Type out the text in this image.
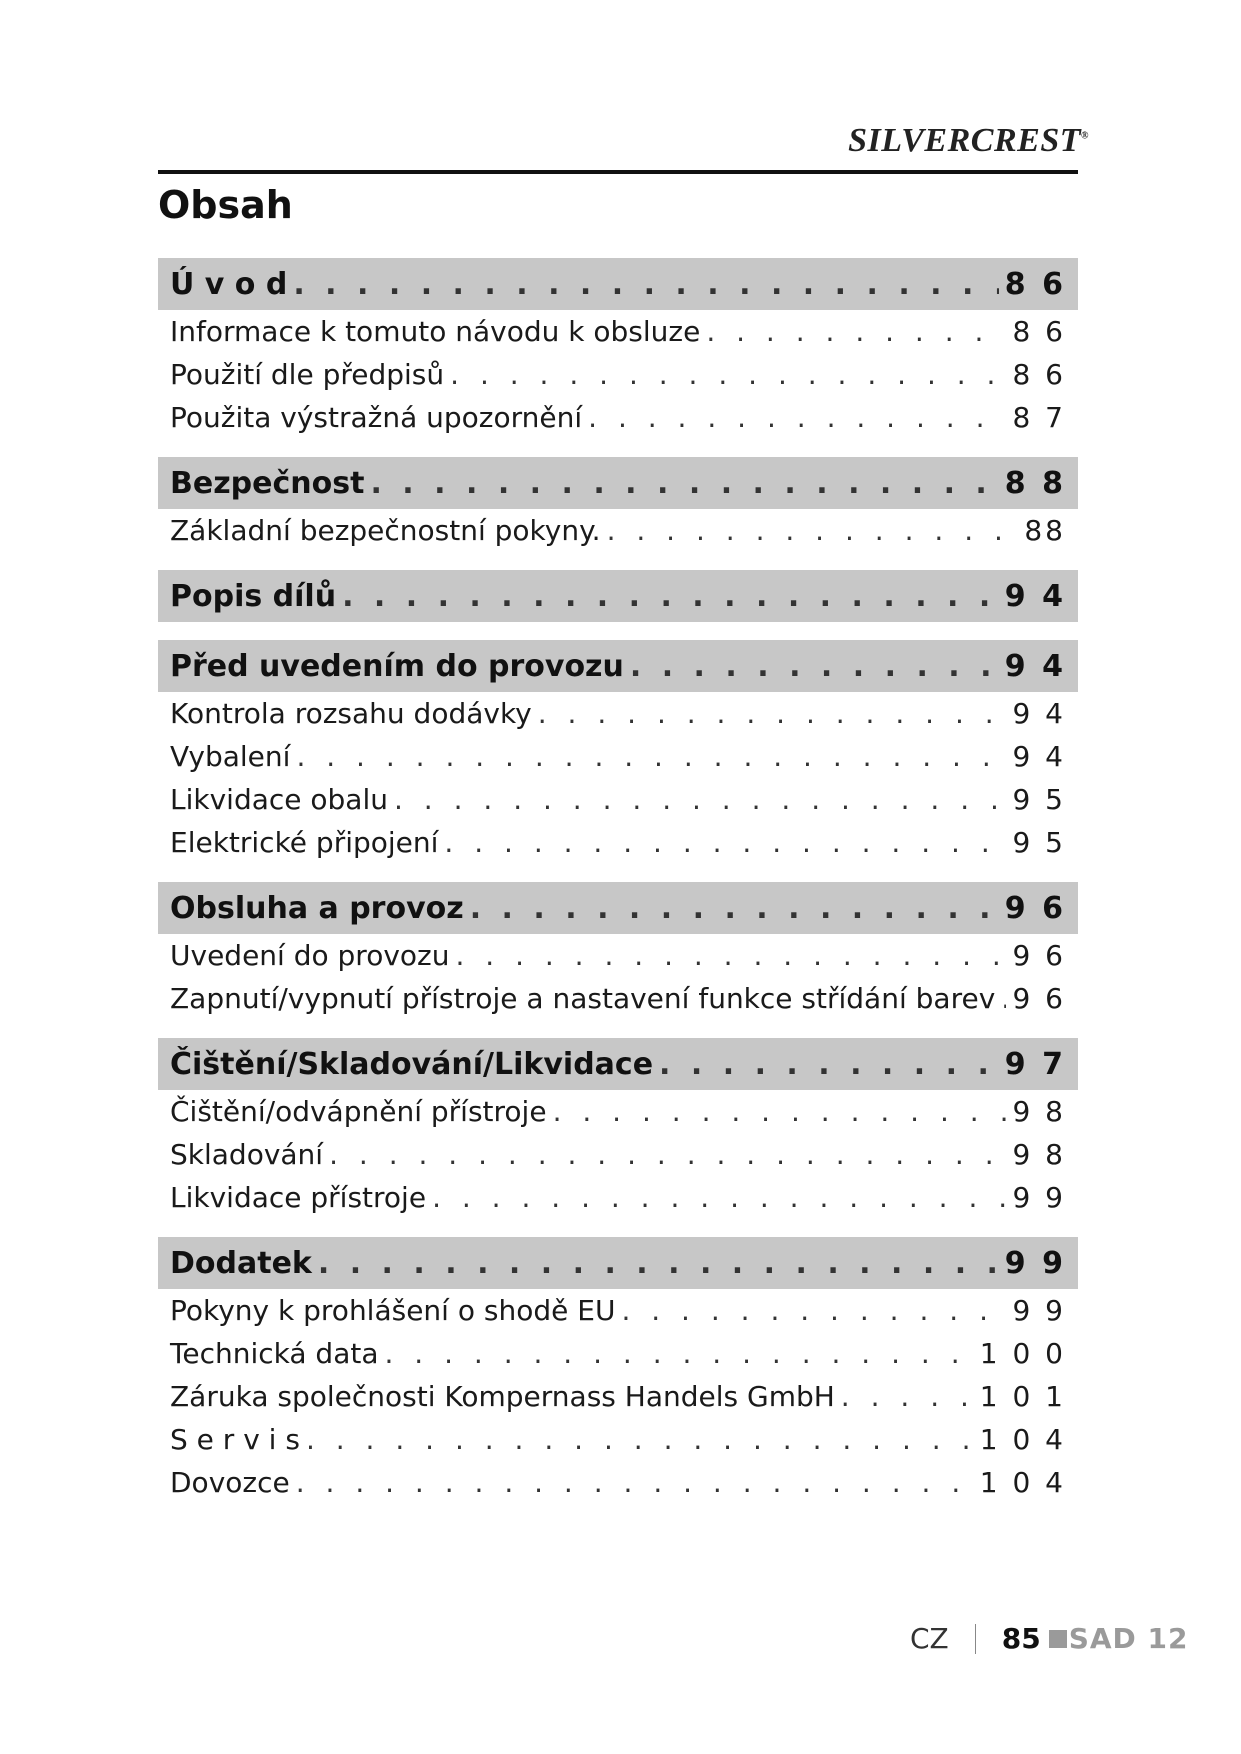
SILVERCREST®
Obsah
Ú v o d . . .	8 6
Informace k tomuto návodu k obsluze . . .	8 6
Použití dle předpisů . . .	8 6
Použita výstražná upozornění . . .	8 7
Bezpečnost . . .	8 8
Základní bezpečnostní pokyny. . . .	88
Popis dílů . . .	9 4
Před uvedením do provozu . . .	9 4
Kontrola rozsahu dodávky . . .	9 4
Vybalení . . .	9 4
Likvidace obalu . . .	9 5
Elektrické připojení . . .	9 5
Obsluha a provoz . . .	9 6
Uvedení do provozu . . .	9 6
Zapnutí/vypnutí přístroje a nastavení funkce střídání barev . . . 9 6
Čištění/Skladování/Likvidace . . .	9 7
Čištění/odvápnění přístroje . . .	9 8
Skladování . . .	9 8
Likvidace přístroje . . .	9 9
Dodatek . . .	9 9
Pokyny k prohlášení o shodě EU . . .	9 9
Technická data . . .	1 0 0
Záruka společnosti Kompernass Handels GmbH . . .	1 0 1
S e r v i s . . .	1 0 4
Dovozce . . .	1 0 4
CZ 85 SAD 12
